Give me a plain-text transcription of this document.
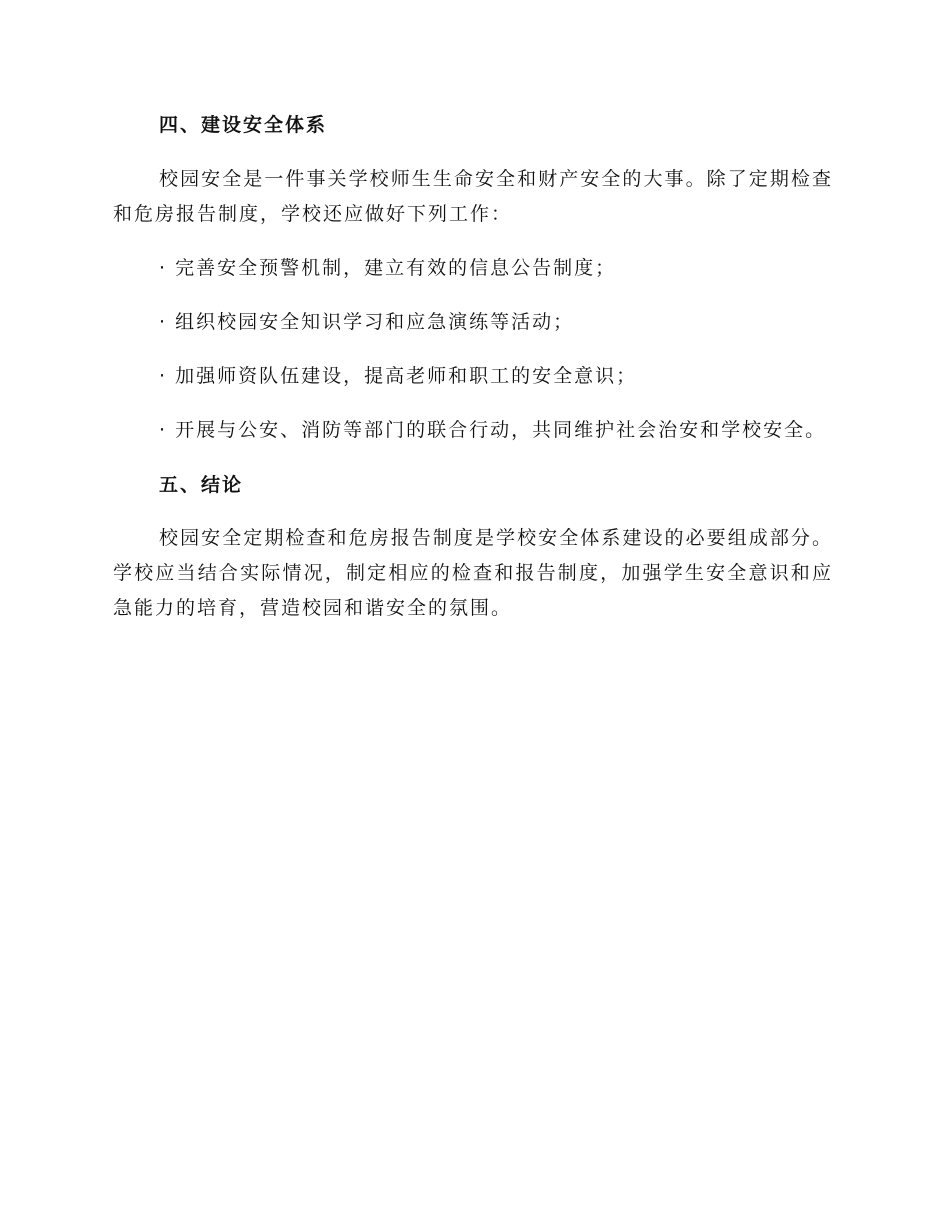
四、建设安全体系

校园安全是一件事关学校师生生命安全和财产安全的大事。除了定期检查和危房报告制度，学校还应做好下列工作：

· 完善安全预警机制，建立有效的信息公告制度；

· 组织校园安全知识学习和应急演练等活动；

· 加强师资队伍建设，提高老师和职工的安全意识；

· 开展与公安、消防等部门的联合行动，共同维护社会治安和学校安全。

五、结论

校园安全定期检查和危房报告制度是学校安全体系建设的必要组成部分。学校应当结合实际情况，制定相应的检查和报告制度，加强学生安全意识和应急能力的培育，营造校园和谐安全的氛围。
